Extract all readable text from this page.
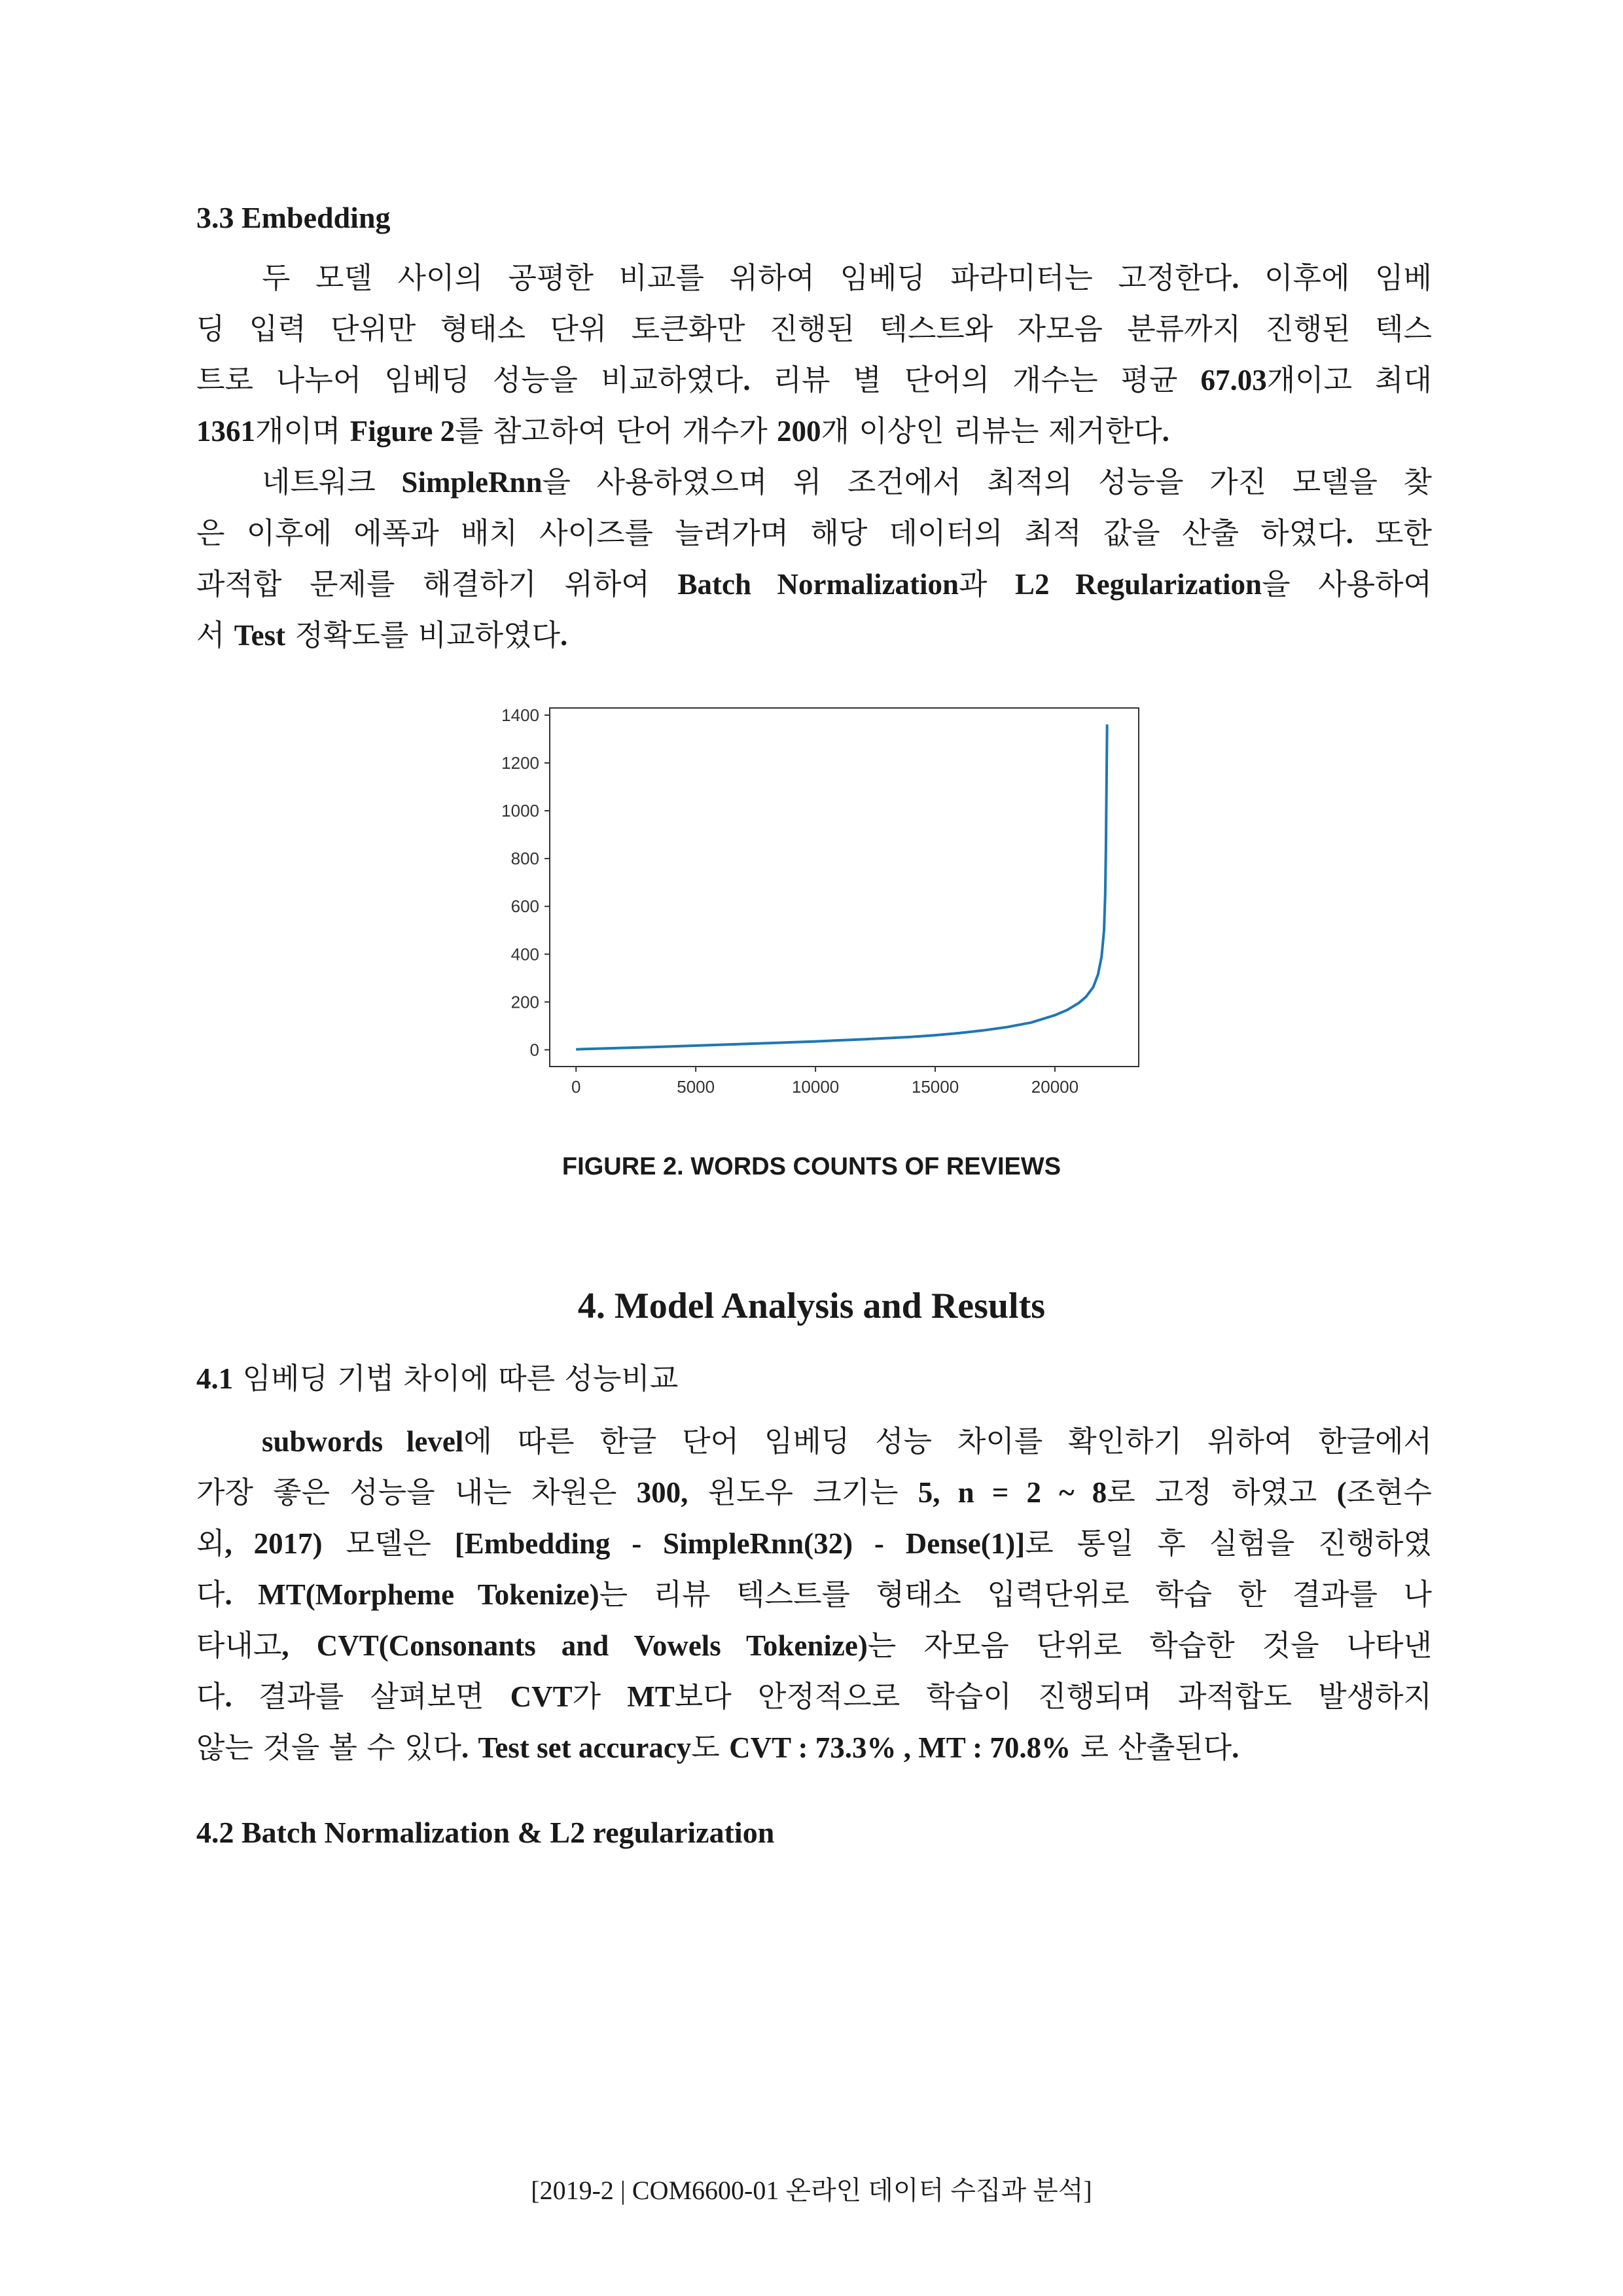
3.3 Embedding
두 모델 사이의 공평한 비교를 위하여 임베딩 파라미터는 고정한다. 이후에 임베
딩 입력 단위만 형태소 단위 토큰화만 진행된 텍스트와 자모음 분류까지 진행된 텍스
트로 나누어 임베딩 성능을 비교하였다. 리뷰 별 단어의 개수는 평균 67.03개이고 최대
1361개이며 Figure 2를 참고하여 단어 개수가 200개 이상인 리뷰는 제거한다.
네트워크 SimpleRnn을 사용하였으며 위 조건에서 최적의 성능을 가진 모델을 찾
은 이후에 에폭과 배치 사이즈를 늘려가며 해당 데이터의 최적 값을 산출 하였다. 또한
과적합 문제를 해결하기 위하여 Batch Normalization과 L2 Regularization을 사용하여
서 Test 정확도를 비교하였다.
0
200
400
600
800
1000
1200
1400
0	5000	10000	15000	20000
FIGURE 2. WORDS COUNTS OF REVIEWS
4. Model Analysis and Results
4.1 임베딩 기법 차이에 따른 성능비교
subwords level에 따른 한글 단어 임베딩 성능 차이를 확인하기 위하여 한글에서
가장 좋은 성능을 내는 차원은 300, 윈도우 크기는 5, n = 2 ~ 8로 고정 하였고 (조현수
외, 2017) 모델은 [Embedding - SimpleRnn(32) - Dense(1)]로 통일 후 실험을 진행하였
다. MT(Morpheme Tokenize)는 리뷰 텍스트를 형태소 입력단위로 학습 한 결과를 나
타내고, CVT(Consonants and Vowels Tokenize)는 자모음 단위로 학습한 것을 나타낸
다. 결과를 살펴보면 CVT가 MT보다 안정적으로 학습이 진행되며 과적합도 발생하지
않는 것을 볼 수 있다. Test set accuracy도 CVT : 73.3% , MT : 70.8% 로 산출된다.
4.2 Batch Normalization & L2 regularization
[2019-2 | COM6600-01 온라인 데이터 수집과 분석]
